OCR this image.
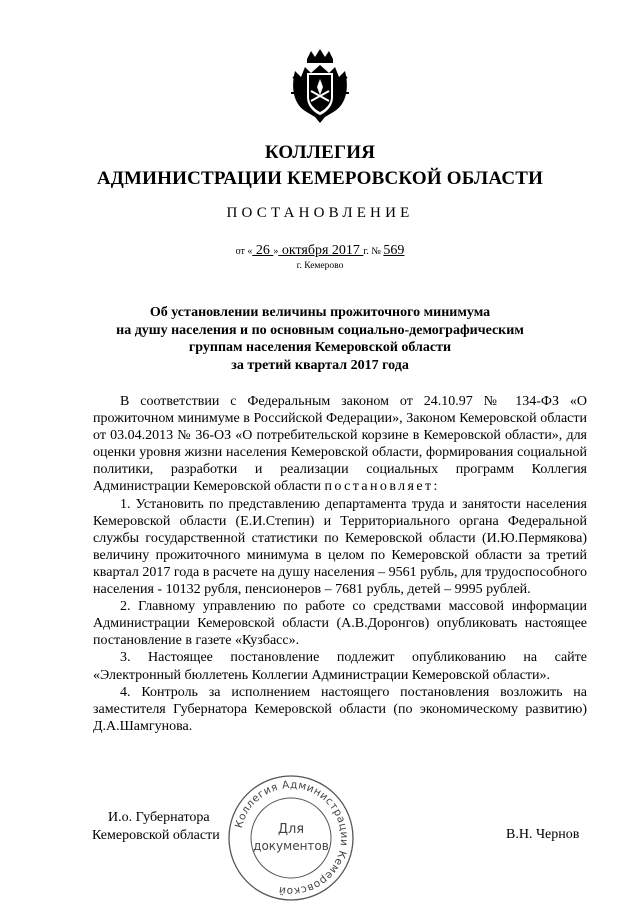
КОЛЛЕГИЯ
АДМИНИСТРАЦИИ КЕМЕРОВСКОЙ ОБЛАСТИ
ПОСТАНОВЛЕНИЕ
от « 26 » октября 2017 г. № 569
г. Кемерово
Об установлении величины прожиточного минимума
на душу населения и по основным социально-демографическим
группам населения Кемеровской области
за третий квартал 2017 года

В соответствии с Федеральным законом от 24.10.97 № 134-ФЗ «О прожиточном минимуме в Российской Федерации», Законом Кемеровской области от 03.04.2013 № 36-ОЗ «О потребительской корзине в Кемеровской области», для оценки уровня жизни населения Кемеровской области, формирования социальной политики, разработки и реализации социальных программ Коллегия Администрации Кемеровской области постановляет:

1. Установить по представлению департамента труда и занятости населения Кемеровской области (Е.И.Степин) и Территориального органа Федеральной службы государственной статистики по Кемеровской области (И.Ю.Пермякова) величину прожиточного минимума в целом по Кемеровской области за третий квартал 2017 года в расчете на душу населения – 9561 рубль, для трудоспособного населения - 10132 рубля, пенсионеров – 7681 рубль, детей – 9995 рублей.

2. Главному управлению по работе со средствами массовой информации Администрации Кемеровской области (А.В.Доронгов) опубликовать настоящее постановление в газете «Кузбасс».

3. Настоящее постановление подлежит опубликованию на сайте «Электронный бюллетень Коллегии Администрации Кемеровской области».

4. Контроль за исполнением настоящего постановления возложить на заместителя Губернатора Кемеровской области (по экономическому развитию) Д.А.Шамгунова.

И.о. Губернатора
Кемеровской области	В.Н. Чернов
Коллегия Администрации Кемеровской
Для
документов
